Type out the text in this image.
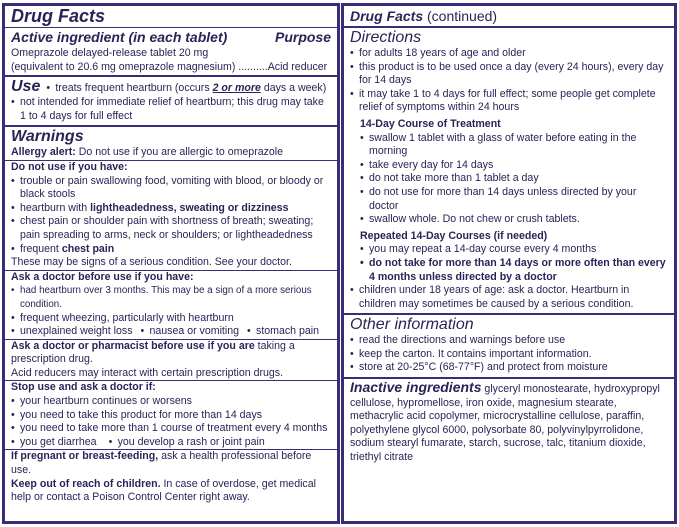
Drug Facts

Active ingredient (in each tablet)	Purpose

Omeprazole delayed-release tablet 20 mg

(equivalent to 20.6 mg omeprazole magnesium) ..........Acid reducer

Use	• treats frequent heartburn (occurs 2 or more days a week)
• not intended for immediate relief of heartburn; this drug may take 1 to 4 days for full effect

Warnings

Allergy alert: Do not use if you are allergic to omeprazole

Do not use if you have:

• trouble or pain swallowing food, vomiting with blood, or bloody or black stools
• heartburn with lightheadedness, sweating or dizziness
• chest pain or shoulder pain with shortness of breath; sweating; pain spreading to arms, neck or shoulders; or lightheadedness
• frequent chest pain

These may be signs of a serious condition. See your doctor.

Ask a doctor before use if you have:

• had heartburn over 3 months. This may be a sign of a more serious condition.
• frequent wheezing, particularly with heartburn
• unexplained weight loss	• nausea or vomiting	• stomach pain

Ask a doctor or pharmacist before use if you are taking a prescription drug.

Acid reducers may interact with certain prescription drugs.

Stop use and ask a doctor if:

• your heartburn continues or worsens
• you need to take this product for more than 14 days
• you need to take more than 1 course of treatment every 4 months
• you get diarrhea	• you develop a rash or joint pain

If pregnant or breast-feeding, ask a health professional before use.

Keep out of reach of children. In case of overdose, get medical help or contact a Poison Control Center right away.

Drug Facts (continued)

Directions

• for adults 18 years of age and older
• this product is to be used once a day (every 24 hours), every day for 14 days
• it may take 1 to 4 days for full effect; some people get complete relief of symptoms within 24 hours

14-Day Course of Treatment

• swallow 1 tablet with a glass of water before eating in the morning
• take every day for 14 days
• do not take more than 1 tablet a day
• do not use for more than 14 days unless directed by your doctor
• swallow whole. Do not chew or crush tablets.

Repeated 14-Day Courses (if needed)

• you may repeat a 14-day course every 4 months
• do not take for more than 14 days or more often than every 4 months unless directed by a doctor
• children under 18 years of age: ask a doctor. Heartburn in children may sometimes be caused by a serious condition.

Other information

• read the directions and warnings before use
• keep the carton. It contains important information.
• store at 20-25°C (68-77°F) and protect from moisture

Inactive ingredients glyceryl monostearate, hydroxypropyl cellulose, hypromellose, iron oxide, magnesium stearate, methacrylic acid copolymer, microcrystalline cellulose, paraffin, polyethylene glycol 6000, polysorbate 80, polyvinylpyrrolidone, sodium stearyl fumarate, starch, sucrose, talc, titanium dioxide, triethyl citrate
